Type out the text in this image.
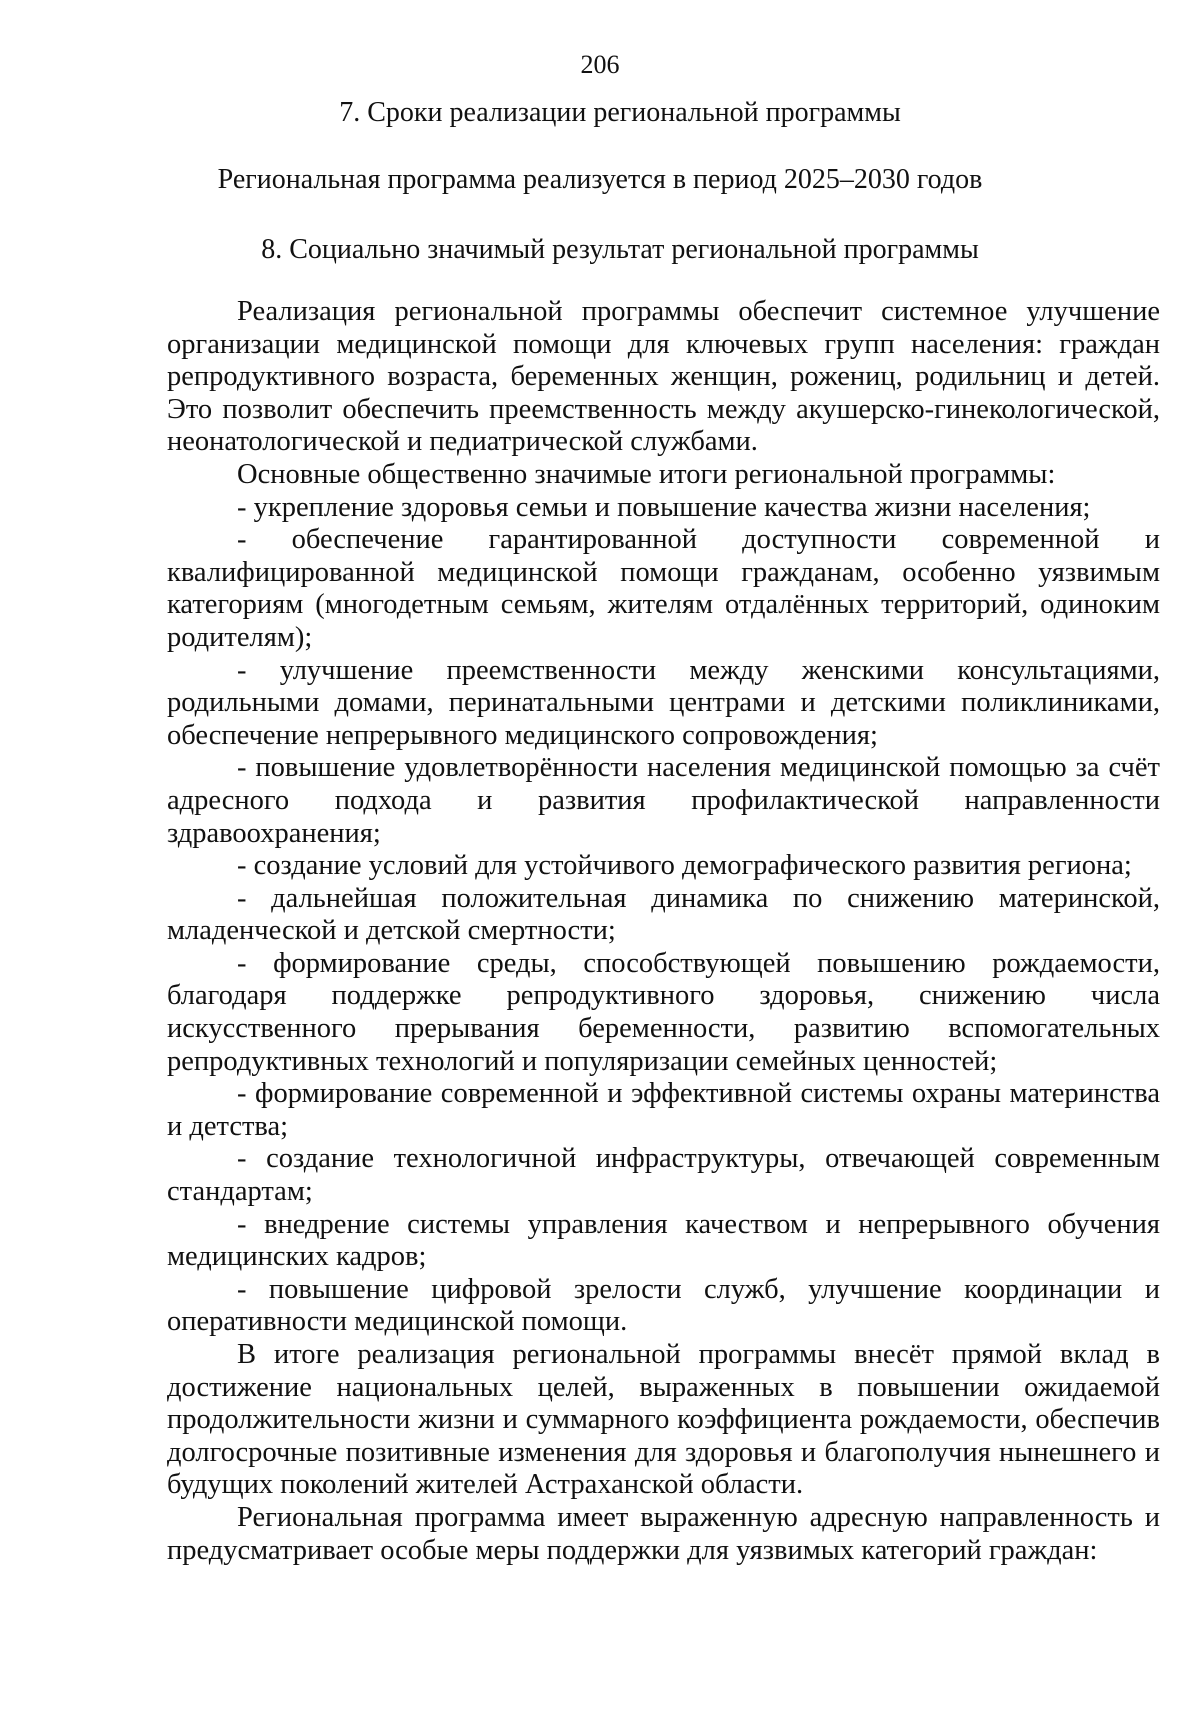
206
7. Сроки реализации региональной программы
Региональная программа реализуется в период 2025–2030 годов
8. Социально значимый результат региональной программы

Реализация региональной программы обеспечит системное улучшение организации медицинской помощи для ключевых групп населения: граждан репродуктивного возраста, беременных женщин, рожениц, родильниц и детей. Это позволит обеспечить преемственность между акушерско-гинекологической, неонатологической и педиатрической службами.

Основные общественно значимые итоги региональной программы:

- укрепление здоровья семьи и повышение качества жизни населения;

- обеспечение гарантированной доступности современной и квалифицированной медицинской помощи гражданам, особенно уязвимым категориям (многодетным семьям, жителям отдалённых территорий, одиноким родителям);

- улучшение преемственности между женскими консультациями, родильными домами, перинатальными центрами и детскими поликлиниками, обеспечение непрерывного медицинского сопровождения;

- повышение удовлетворённости населения медицинской помощью за счёт адресного подхода и развития профилактической направленности здравоохранения;

- создание условий для устойчивого демографического развития региона;

- дальнейшая положительная динамика по снижению материнской, младенческой и детской смертности;

- формирование среды, способствующей повышению рождаемости, благодаря поддержке репродуктивного здоровья, снижению числа искусственного прерывания беременности, развитию вспомогательных репродуктивных технологий и популяризации семейных ценностей;

- формирование современной и эффективной системы охраны материнства и детства;

- создание технологичной инфраструктуры, отвечающей современным стандартам;

- внедрение системы управления качеством и непрерывного обучения медицинских кадров;

- повышение цифровой зрелости служб, улучшение координации и оперативности медицинской помощи.

В итоге реализация региональной программы внесёт прямой вклад в достижение национальных целей, выраженных в повышении ожидаемой продолжительности жизни и суммарного коэффициента рождаемости, обеспечив долгосрочные позитивные изменения для здоровья и благополучия нынешнего и будущих поколений жителей Астраханской области.

Региональная программа имеет выраженную адресную направленность и предусматривает особые меры поддержки для уязвимых категорий граждан:
